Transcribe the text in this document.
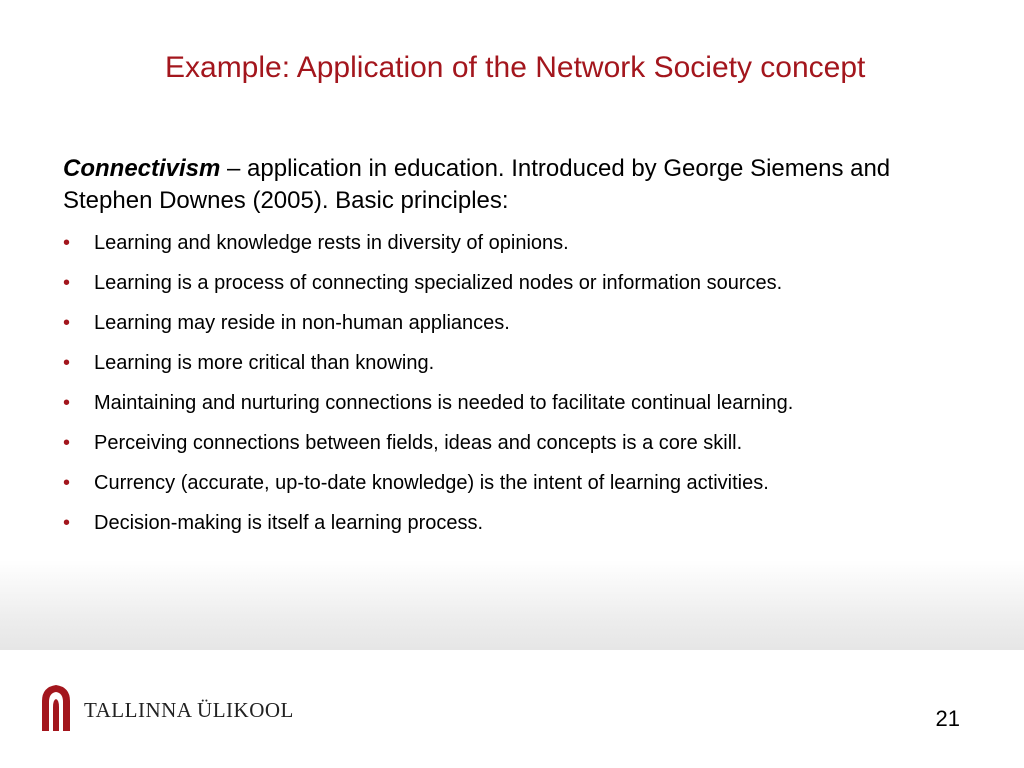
Example: Application of the Network Society concept
Connectivism – application in education. Introduced by George Siemens and Stephen Downes (2005). Basic principles:
• Learning and knowledge rests in diversity of opinions.
• Learning is a process of connecting specialized nodes or information sources.
• Learning may reside in non-human appliances.
• Learning is more critical than knowing.
• Maintaining and nurturing connections is needed to facilitate continual learning.
• Perceiving connections between fields, ideas and concepts is a core skill.
• Currency (accurate, up-to-date knowledge) is the intent of learning activities.
• Decision-making is itself a learning process.
TALLINNA ÜLIKOOL	21
